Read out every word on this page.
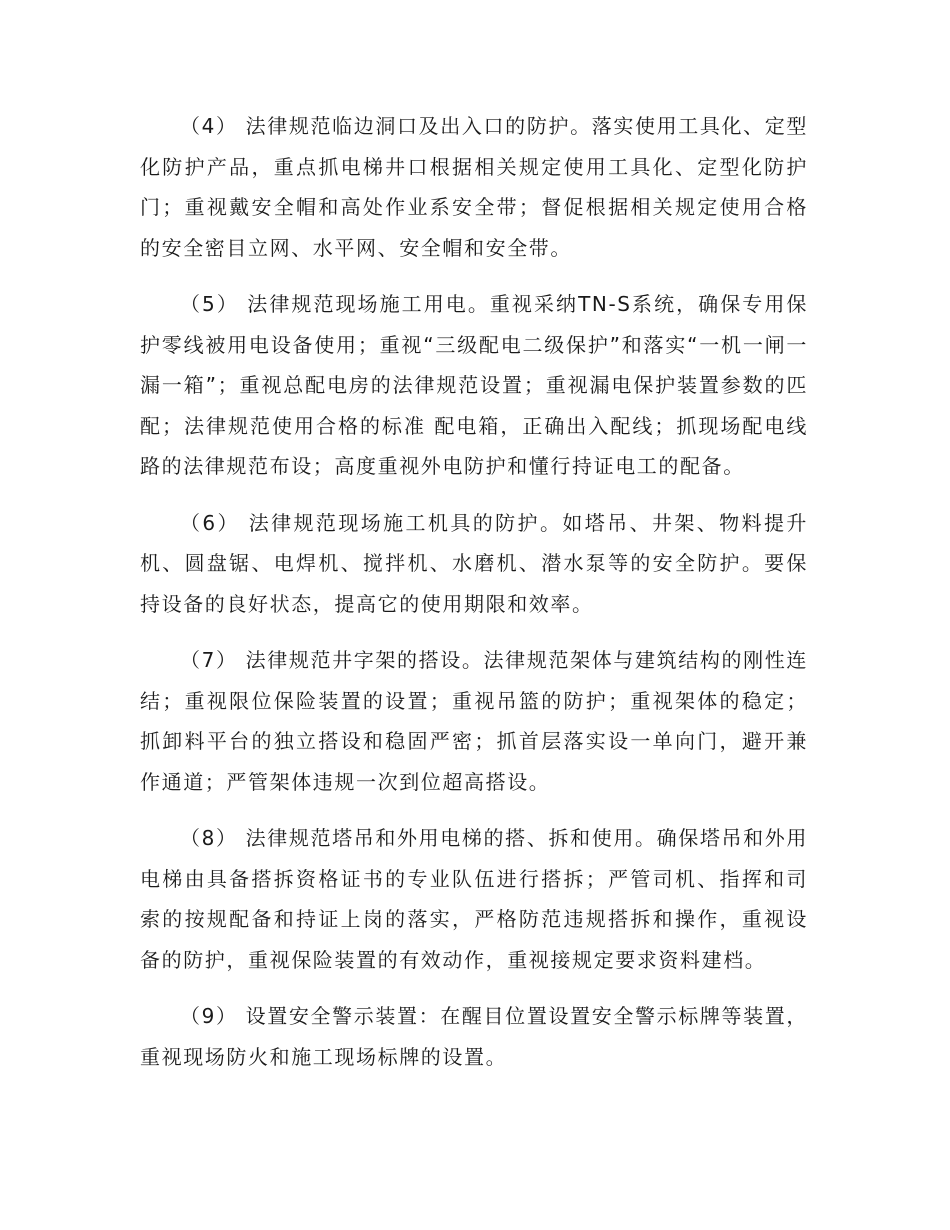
（4） 法律规范临边洞口及出入口的防护。落实使用工具化、定型化防护产品，重点抓电梯井口根据相关规定使用工具化、定型化防护门；重视戴安全帽和高处作业系安全带；督促根据相关规定使用合格的安全密目立网、水平网、安全帽和安全带。

（5） 法律规范现场施工用电。重视采纳TN-S系统，确保专用保护零线被用电设备使用；重视“三级配电二级保护”和落实“一机一闸一漏一箱”；重视总配电房的法律规范设置；重视漏电保护装置参数的匹配；法律规范使用合格的标准 配电箱，正确出入配线；抓现场配电线路的法律规范布设；高度重视外电防护和懂行持证电工的配备。

（6） 法律规范现场施工机具的防护。如塔吊、井架、物料提升机、圆盘锯、电焊机、搅拌机、水磨机、潜水泵等的安全防护。要保持设备的良好状态，提高它的使用期限和效率。

（7） 法律规范井字架的搭设。法律规范架体与建筑结构的刚性连结；重视限位保险装置的设置；重视吊篮的防护；重视架体的稳定；抓卸料平台的独立搭设和稳固严密；抓首层落实设一单向门，避开兼作通道；严管架体违规一次到位超高搭设。

（8） 法律规范塔吊和外用电梯的搭、拆和使用。确保塔吊和外用电梯由具备搭拆资格证书的专业队伍进行搭拆；严管司机、指挥和司索的按规配备和持证上岗的落实，严格防范违规搭拆和操作，重视设备的防护，重视保险装置的有效动作，重视接规定要求资料建档。

（9） 设置安全警示装置：在醒目位置设置安全警示标牌等装置，重视现场防火和施工现场标牌的设置。
